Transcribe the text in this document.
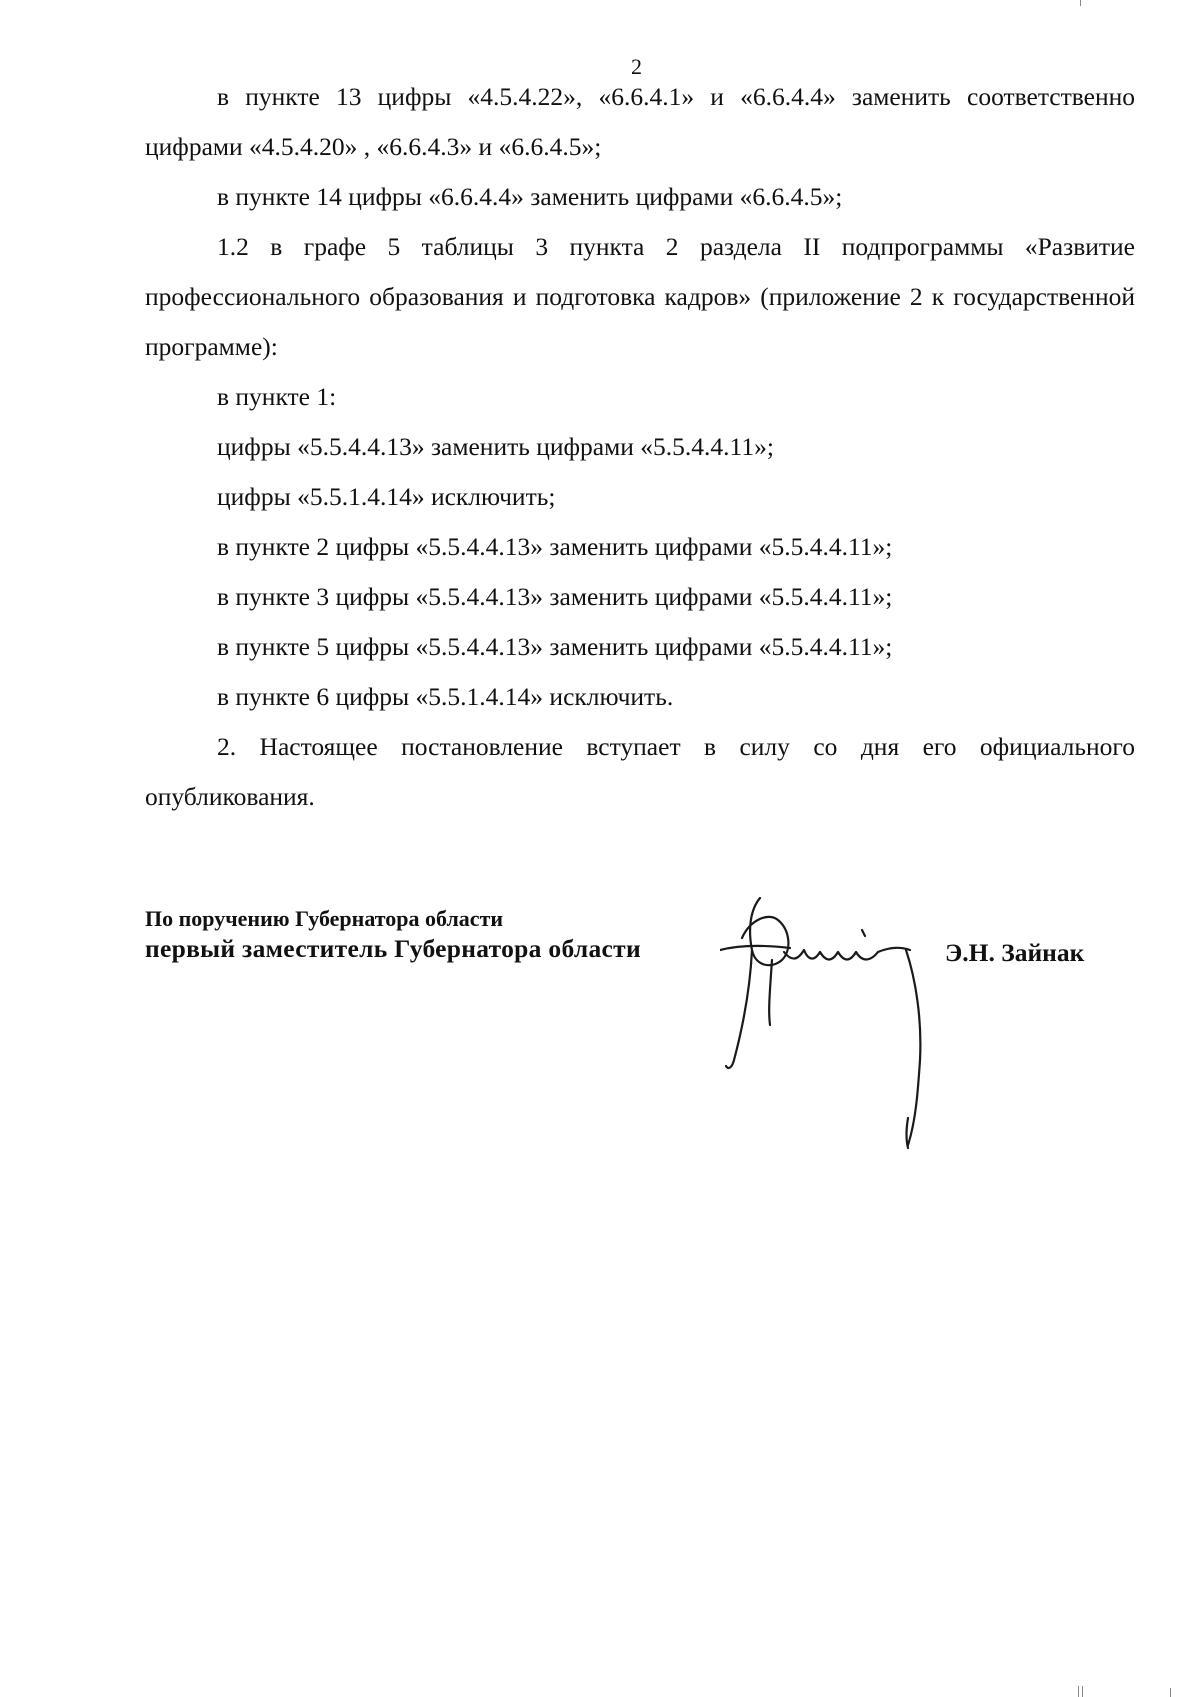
2

в пункте 13 цифры «4.5.4.22», «6.6.4.1» и «6.6.4.4» заменить соответственно цифрами «4.5.4.20» , «6.6.4.3» и «6.6.4.5»;

в пункте 14 цифры «6.6.4.4» заменить цифрами «6.6.4.5»;

1.2 в графе 5 таблицы 3 пункта 2 раздела II подпрограммы «Развитие профессионального образования и подготовка кадров» (приложение 2 к государственной программе):

в пункте 1:

цифры «5.5.4.4.13» заменить цифрами «5.5.4.4.11»;

цифры «5.5.1.4.14» исключить;

в пункте 2 цифры «5.5.4.4.13» заменить цифрами «5.5.4.4.11»;

в пункте 3 цифры «5.5.4.4.13» заменить цифрами «5.5.4.4.11»;

в пункте 5 цифры «5.5.4.4.13» заменить цифрами «5.5.4.4.11»;

в пункте 6 цифры «5.5.1.4.14» исключить.

2. Настоящее постановление вступает в силу со дня его официального опубликования.

По поручению Губернатора области
первый заместитель Губернатора области	Э.Н. Зайнак
